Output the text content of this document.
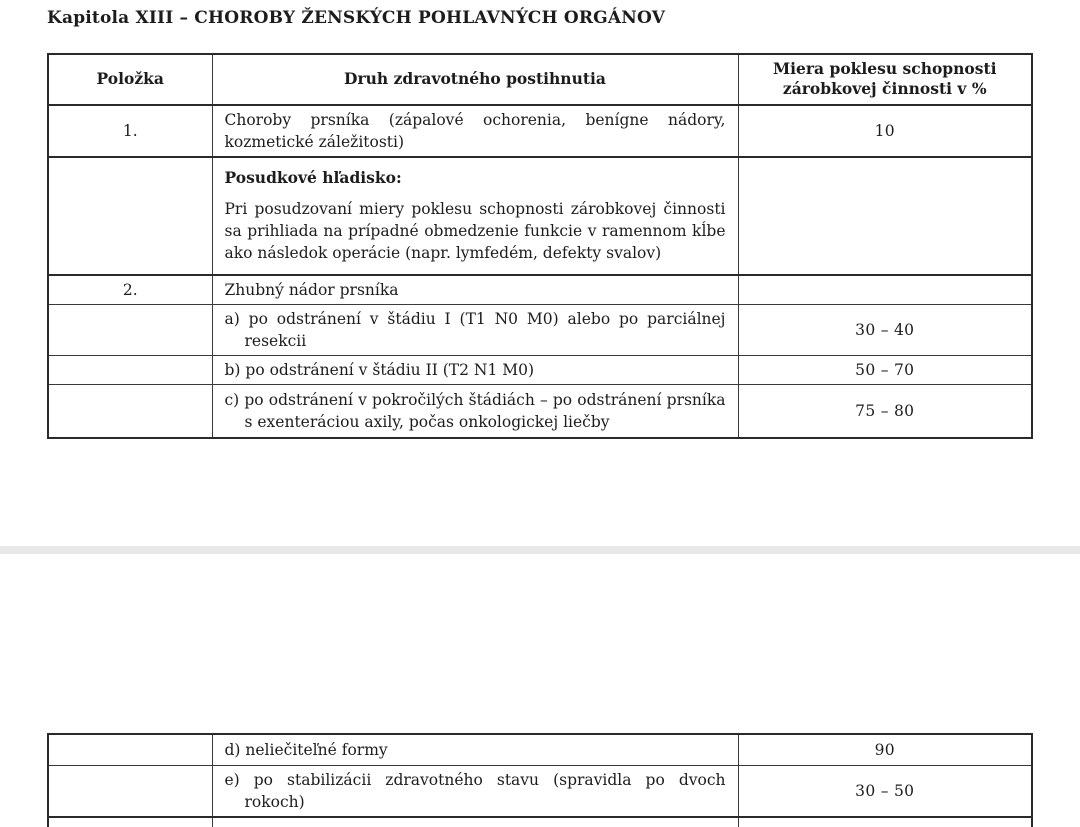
Kapitola XIII – CHOROBY ŽENSKÝCH POHLAVNÝCH ORGÁNOV
Položka	Druh zdravotného postihnutia	Miera poklesu schopnosti zárobkovej činnosti v %
1.	Choroby prsníka (zápalové ochorenia, benígne nádory, kozmetické záležitosti)	10

	Posudkové hľadisko:

Pri posudzovaní miery poklesu schopnosti zárobkovej činnosti sa prihliada na prípadné obmedzenie funkcie v ramennom kĺbe ako následok operácie (napr. lymfedém, defekty svalov)	

2.	Zhubný nádor prsníka	

	a) po odstránení v štádiu I (T1 N0 M0) alebo po parciálnej resekcii	30 – 40

	b) po odstránení v štádiu II (T2 N1 M0)	50 – 70

	c) po odstránení v pokročilých štádiách – po odstránení prsníka s exenteráciou axily, počas onkologickej liečby	75 – 80

	d) neliečiteľné formy	90

	e) po stabilizácii zdravotného stavu (spravidla po dvoch rokoch)	30 – 50
